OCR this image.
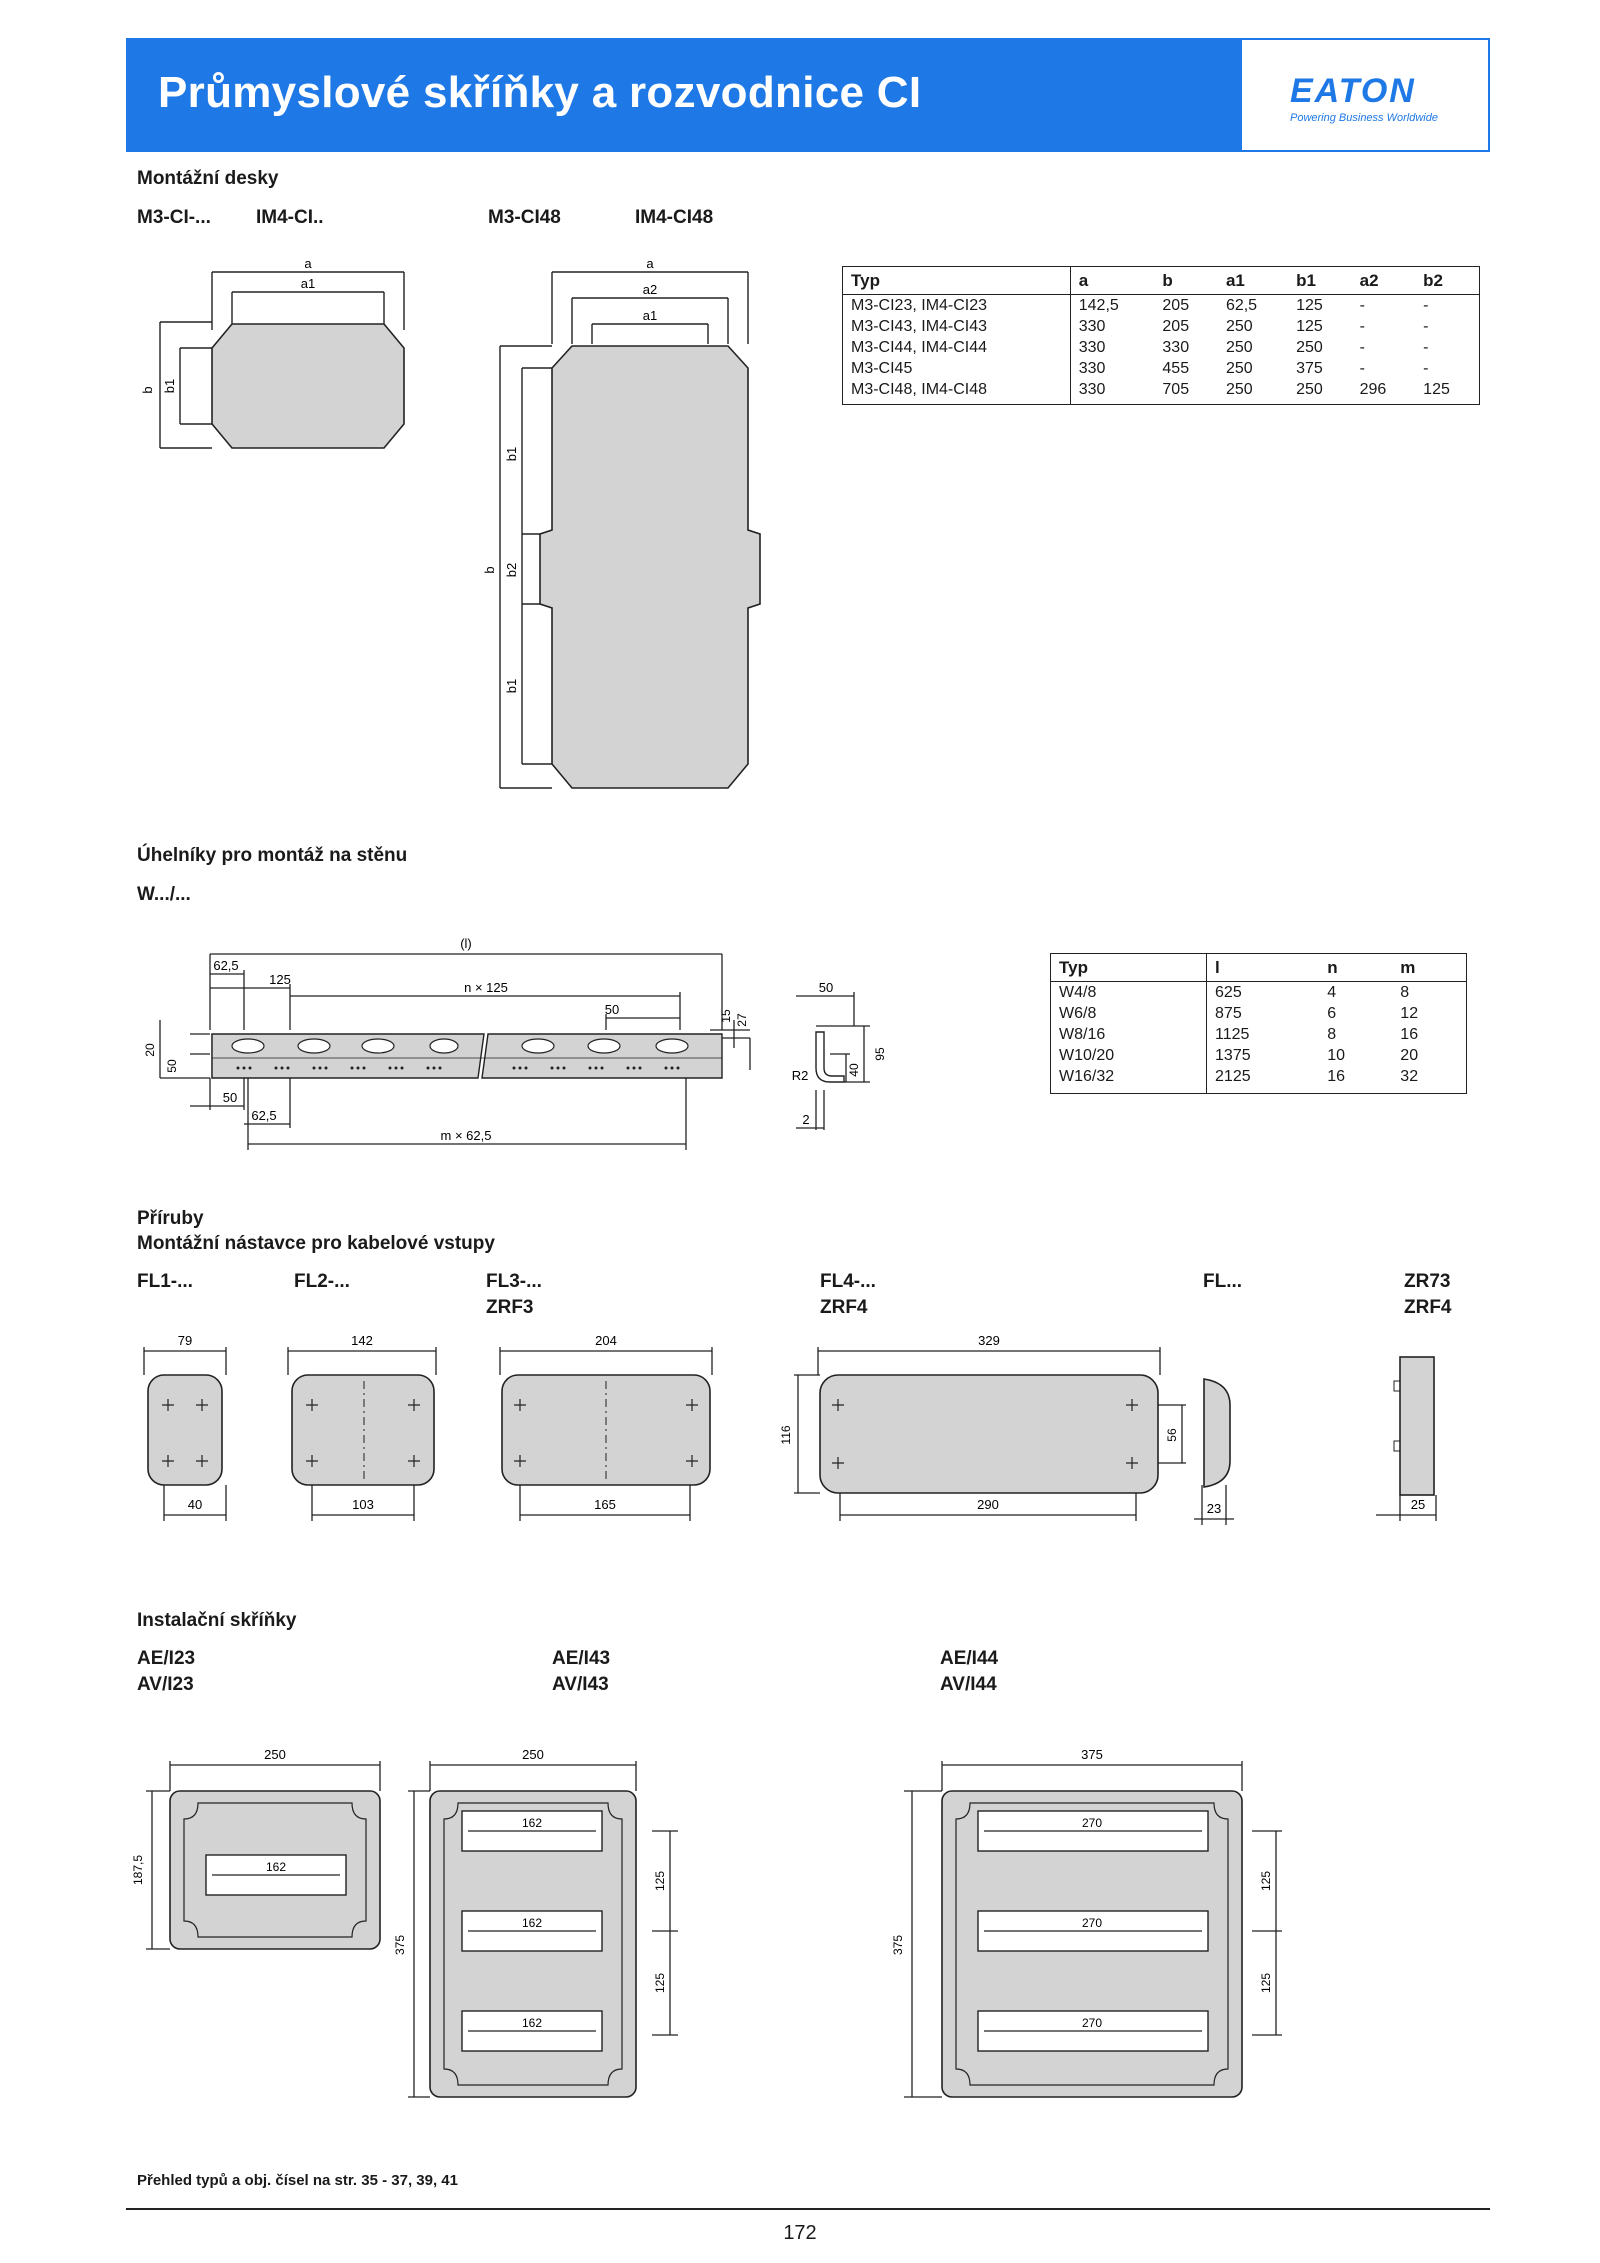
Průmyslové skříňky a rozvodnice CI	EATON
Powering Business Worldwide
Montážní desky
M3-CI-... IM4-CI..	M3-CI48	IM4-CI48
a
a1
b b1
a
a2
a1
b
b1
b2
b1
Typ	a	b	a1	b1	a2	b2
M3-CI23, IM4-CI23	142,5	205	62,5	125	-	-
M3-CI43, IM4-CI43	330	205	250	125	-	-
M3-CI44, IM4-CI44	330	330	250	250	-	-
M3-CI45	330	455	250	375	-	-
M3-CI48, IM4-CI48	330	705	250	250	296	125
Úhelníky pro montáž na stěnu
W.../...
(l)
62,5
125
n × 125
50	15 27
20
50
50
62,5
m × 62,5
50
95
40
R2
2
Typ	l	n	m
W4/8	625	4	8
W6/8	875	6	12
W8/16	1125	8	16
W10/20	1375	10	20
W16/32	2125	16	32
Příruby
Montážní nástavce pro kabelové vstupy
FL1-...	FL2-...	FL3-...
ZRF3
FL4-...
ZRF4
FL...	ZR73
ZRF4
79
40
142
103
204
165
329
290
116	56
23	25
Instalační skříňky
AE/I23
AV/I23
AE/I43
AV/I43
AE/I44
AV/I44
250
187,5	162
250
375
162
162
162
125
125
375
375
270
270
270
125
125
Přehled typů a obj. čísel na str. 35 - 37, 39, 41
172
